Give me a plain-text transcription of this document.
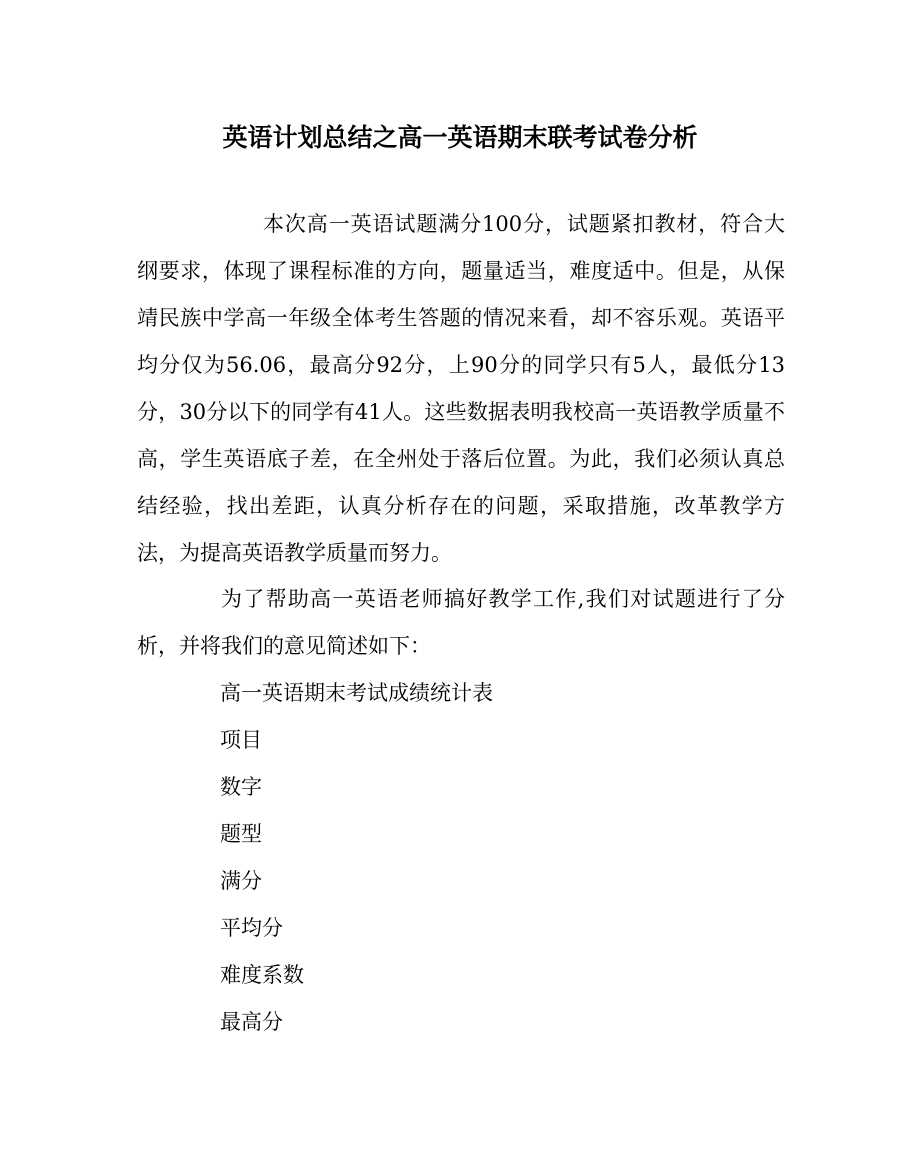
英语计划总结之高一英语期末联考试卷分析

本次高一英语试题满分100分，试题紧扣教材，符合大纲要求，体现了课程标准的方向，题量适当，难度适中。但是，从保靖民族中学高一年级全体考生答题的情况来看，却不容乐观。英语平均分仅为56.06，最高分92分，上90分的同学只有5人，最低分13分，30分以下的同学有41人。这些数据表明我校高一英语教学质量不高，学生英语底子差，在全州处于落后位置。为此，我们必须认真总结经验，找出差距，认真分析存在的问题，采取措施，改革教学方法，为提高英语教学质量而努力。

为了帮助高一英语老师搞好教学工作,我们对试题进行了分析，并将我们的意见简述如下：

高一英语期末考试成绩统计表
项目
数字
题型
满分
平均分
难度系数
最高分
